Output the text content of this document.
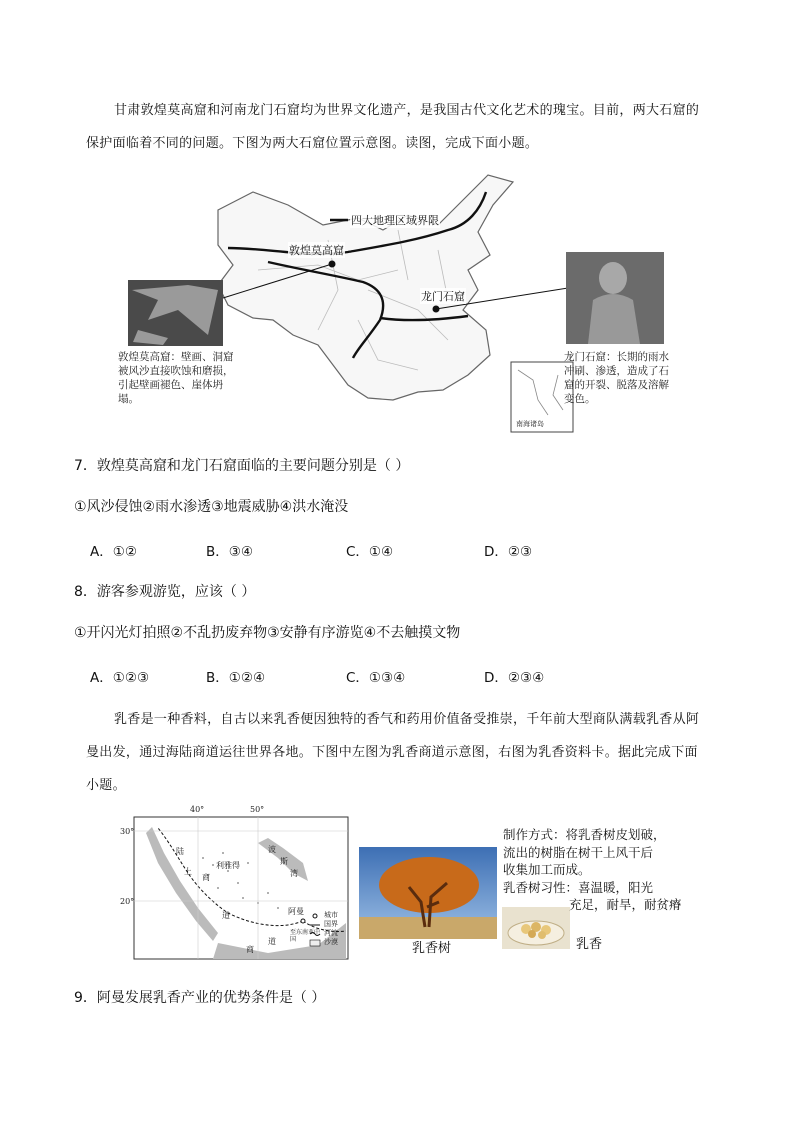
甘肃敦煌莫高窟和河南龙门石窟均为世界文化遗产，是我国古代文化艺术的瑰宝。目前，两大石窟的
保护面临着不同的问题。下图为两大石窟位置示意图。读图，完成下面小题。
四大地理区域界限
敦煌莫高窟
龙门石窟
敦煌莫高窟：壁画、洞窟被风沙直接吹蚀和磨损，引起壁画褪色、崖体坍塌。
龙门石窟：长期的雨水冲刷、渗透，造成了石窟的开裂、脱落及溶解变色。
南海诸岛
7．敦煌莫高窟和龙门石窟面临的主要问题分别是（ ）
①风沙侵蚀②雨水渗透③地震威胁④洪水淹没
A．①②	B．③④	C．①④	D．②③
8．游客参观游览，应该（ ）
①开闪光灯拍照②不乱扔废弃物③安静有序游览④不去触摸文物
A．①②③	B．①②④	C．①③④	D．②③④
乳香是一种香料，自古以来乳香便因独特的香气和药用价值备受推崇，千年前大型商队满载乳香从阿
曼出发，通过海陆商道运往世界各地。下图中左图为乳香商道示意图，右图为乳香资料卡。据此完成下面
小题。
40°	50°
30°
20°
陆
上
商
道
波
斯
湾
利雅得
阿曼
至东南亚中国
商
道
城市
国界
河流
沙漠	乳香树	乳香
制作方式：将乳香树皮划破，
流出的树脂在树干上风干后
收集加工而成。
乳香树习性：喜温暖，阳光
充足，耐旱，耐贫瘠
9．阿曼发展乳香产业的优势条件是（ ）
